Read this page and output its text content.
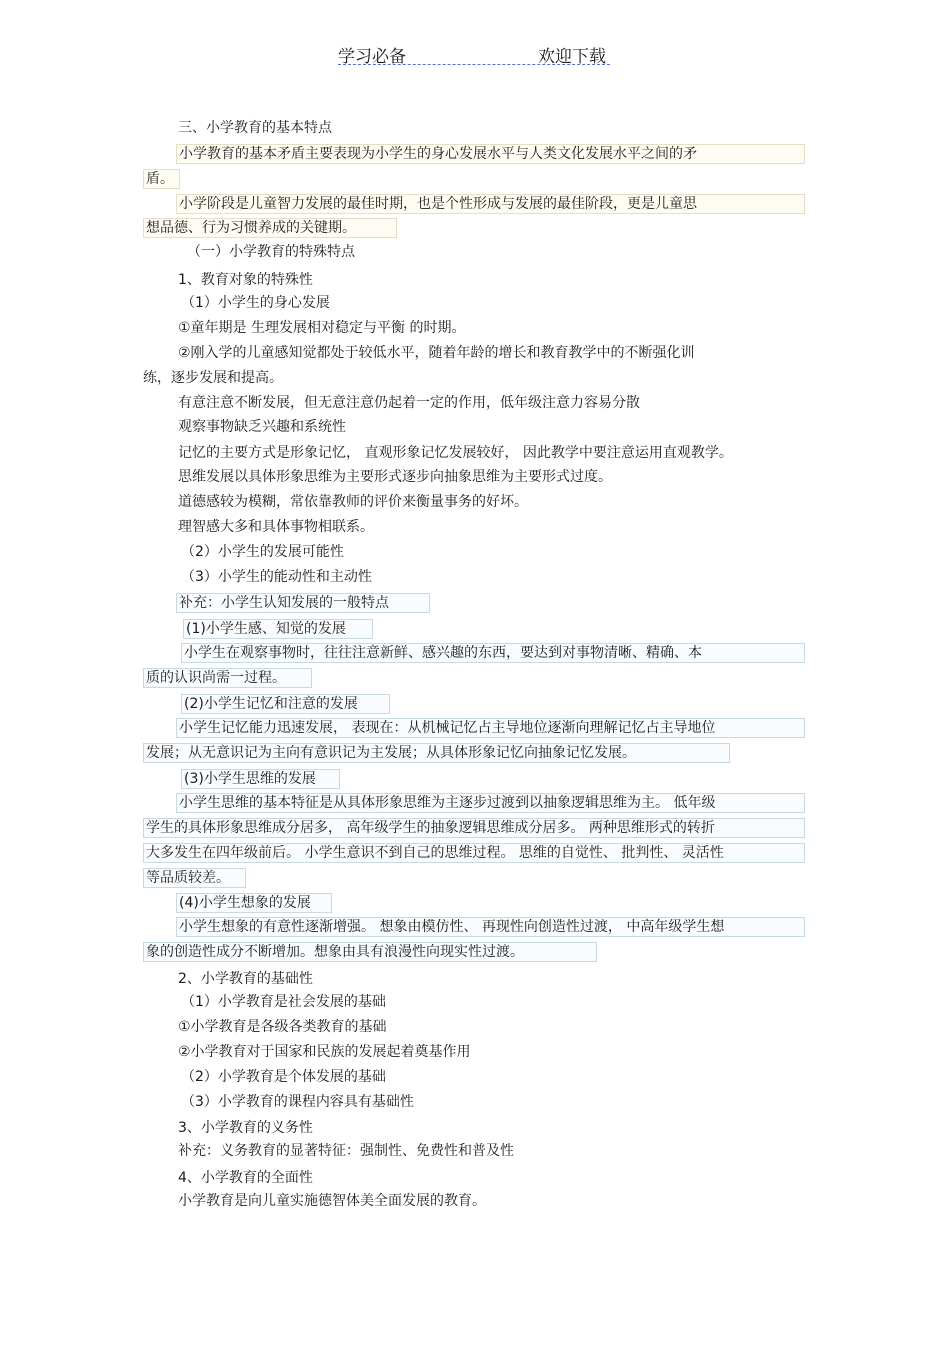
学习必备	欢迎下载
三、小学教育的基本特点
小学教育的基本矛盾主要表现为小学生的身心发展水平与人类文化发展水平之间的矛
盾。
小学阶段是儿童智力发展的最佳时期，也是个性形成与发展的最佳阶段，更是儿童思
想品德、行为习惯养成的关键期。
（一）小学教育的特殊特点
1、教育对象的特殊性
（1）小学生的身心发展
①童年期是 生理发展相对稳定与平衡 的时期。
②刚入学的儿童感知觉都处于较低水平，随着年龄的增长和教育教学中的不断强化训
练，逐步发展和提高。
有意注意不断发展，但无意注意仍起着一定的作用，低年级注意力容易分散
观察事物缺乏兴趣和系统性
记忆的主要方式是形象记忆， 直观形象记忆发展较好， 因此教学中要注意运用直观教学。
思维发展以具体形象思维为主要形式逐步向抽象思维为主要形式过度。
道德感较为模糊，常依靠教师的评价来衡量事务的好坏。
理智感大多和具体事物相联系。
（2）小学生的发展可能性
（3）小学生的能动性和主动性
补充：小学生认知发展的一般特点
(1)小学生感、知觉的发展
小学生在观察事物时，往往注意新鲜、感兴趣的东西，要达到对事物清晰、精确、本
质的认识尚需一过程。
(2)小学生记忆和注意的发展
小学生记忆能力迅速发展， 表现在：从机械记忆占主导地位逐渐向理解记忆占主导地位
发展；从无意识记为主向有意识记为主发展；从具体形象记忆向抽象记忆发展。
(3)小学生思维的发展
小学生思维的基本特征是从具体形象思维为主逐步过渡到以抽象逻辑思维为主。 低年级
学生的具体形象思维成分居多， 高年级学生的抽象逻辑思维成分居多。 两种思维形式的转折
大多发生在四年级前后。 小学生意识不到自己的思维过程。 思维的自觉性、 批判性、 灵活性
等品质较差。
(4)小学生想象的发展
小学生想象的有意性逐渐增强。 想象由模仿性、 再现性向创造性过渡， 中高年级学生想
象的创造性成分不断增加。想象由具有浪漫性向现实性过渡。
2、小学教育的基础性
（1）小学教育是社会发展的基础
①小学教育是各级各类教育的基础
②小学教育对于国家和民族的发展起着奠基作用
（2）小学教育是个体发展的基础
（3）小学教育的课程内容具有基础性
3、小学教育的义务性
补充：义务教育的显著特征：强制性、免费性和普及性
4、小学教育的全面性
小学教育是向儿童实施德智体美全面发展的教育。
